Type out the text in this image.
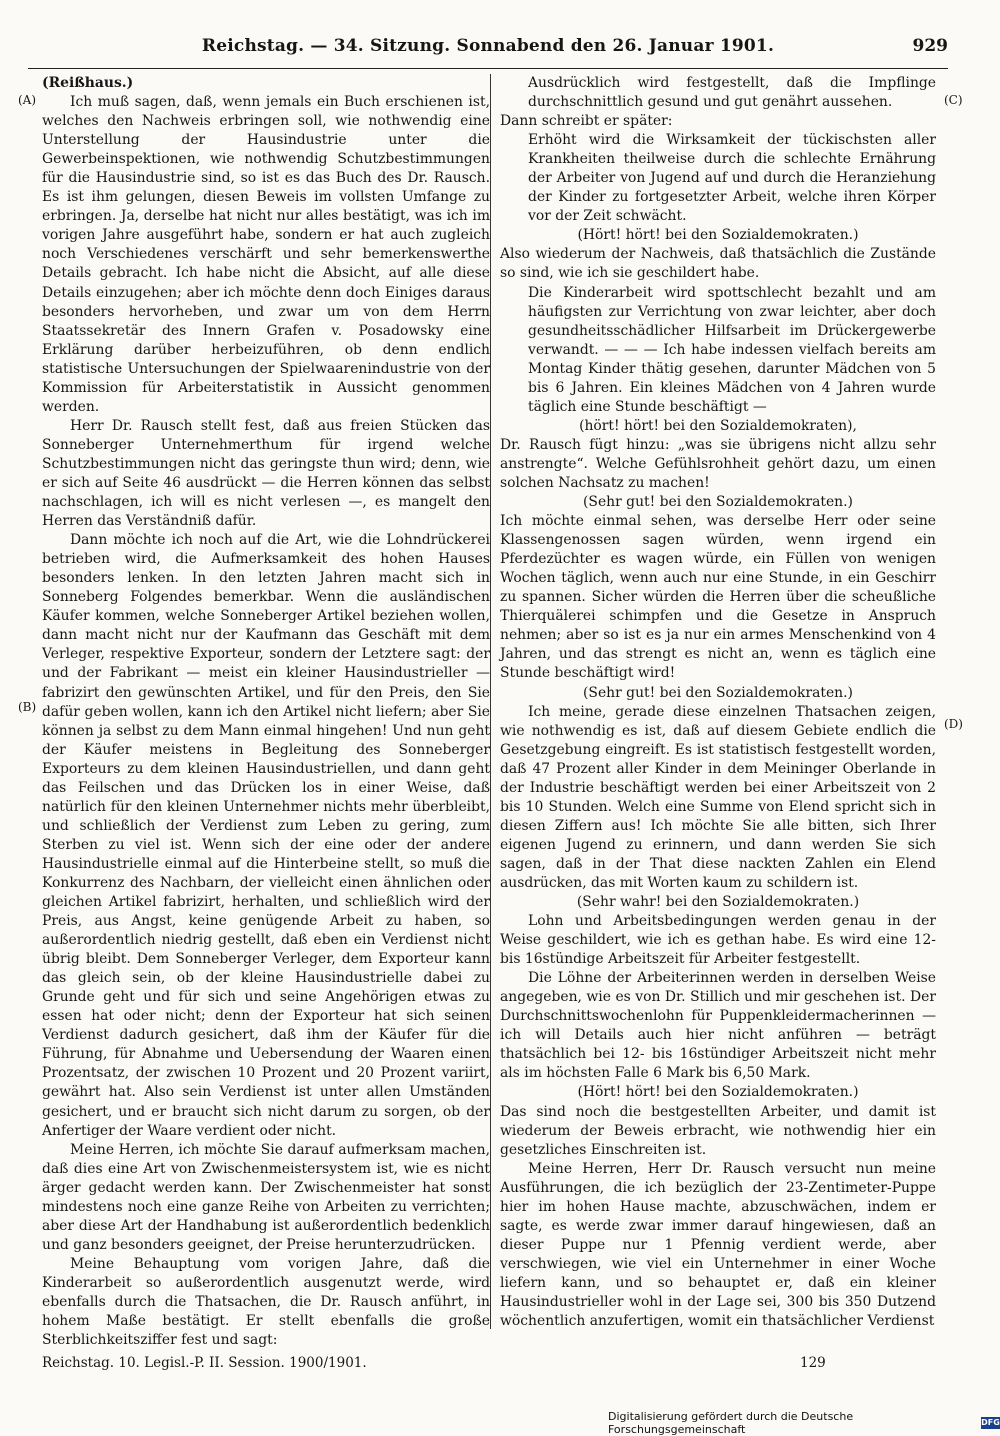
Reichstag. — 34. Sitzung. Sonnabend den 26. Januar 1901.	929
(A)
(B)
(C)
(D)

(Reißhaus.)

Ich muß sagen, daß, wenn jemals ein Buch erschienen ist, welches den Nachweis erbringen soll, wie nothwendig eine Unterstellung der Hausindustrie unter die Gewerbeinspektionen, wie nothwendig Schutzbestimmungen für die Hausindustrie sind, so ist es das Buch des Dr. Rausch. Es ist ihm gelungen, diesen Beweis im vollsten Umfange zu erbringen. Ja, derselbe hat nicht nur alles bestätigt, was ich im vorigen Jahre ausgeführt habe, sondern er hat auch zugleich noch Verschiedenes verschärft und sehr bemerkenswerthe Details gebracht. Ich habe nicht die Absicht, auf alle diese Details einzugehen; aber ich möchte denn doch Einiges daraus besonders hervorheben, und zwar um von dem Herrn Staatssekretär des Innern Grafen v. Posadowsky eine Erklärung darüber herbeizuführen, ob denn endlich statistische Untersuchungen der Spielwaarenindustrie von der Kommission für Arbeiterstatistik in Aussicht genommen werden.

Herr Dr. Rausch stellt fest, daß aus freien Stücken das Sonneberger Unternehmerthum für irgend welche Schutzbestimmungen nicht das geringste thun wird; denn, wie er sich auf Seite 46 ausdrückt — die Herren können das selbst nachschlagen, ich will es nicht verlesen —, es mangelt den Herren das Verständniß dafür.

Dann möchte ich noch auf die Art, wie die Lohndrückerei betrieben wird, die Aufmerksamkeit des hohen Hauses besonders lenken. In den letzten Jahren macht sich in Sonneberg Folgendes bemerkbar. Wenn die ausländischen Käufer kommen, welche Sonneberger Artikel beziehen wollen, dann macht nicht nur der Kaufmann das Geschäft mit dem Verleger, respektive Exporteur, sondern der Letztere sagt: der und der Fabrikant — meist ein kleiner Hausindustrieller — fabrizirt den gewünschten Artikel, und für den Preis, den Sie dafür geben wollen, kann ich den Artikel nicht liefern; aber Sie können ja selbst zu dem Mann einmal hingehen! Und nun geht der Käufer meistens in Begleitung des Sonneberger Exporteurs zu dem kleinen Hausindustriellen, und dann geht das Feilschen und das Drücken los in einer Weise, daß natürlich für den kleinen Unternehmer nichts mehr überbleibt, und schließlich der Verdienst zum Leben zu gering, zum Sterben zu viel ist. Wenn sich der eine oder der andere Hausindustrielle einmal auf die Hinterbeine stellt, so muß die Konkurrenz des Nachbarn, der vielleicht einen ähnlichen oder gleichen Artikel fabrizirt, herhalten, und schließlich wird der Preis, aus Angst, keine genügende Arbeit zu haben, so außerordentlich niedrig gestellt, daß eben ein Verdienst nicht übrig bleibt. Dem Sonneberger Verleger, dem Exporteur kann das gleich sein, ob der kleine Hausindustrielle dabei zu Grunde geht und für sich und seine Angehörigen etwas zu essen hat oder nicht; denn der Exporteur hat sich seinen Verdienst dadurch gesichert, daß ihm der Käufer für die Führung, für Abnahme und Uebersendung der Waaren einen Prozentsatz, der zwischen 10 Prozent und 20 Prozent variirt, gewährt hat. Also sein Verdienst ist unter allen Umständen gesichert, und er braucht sich nicht darum zu sorgen, ob der Anfertiger der Waare verdient oder nicht.

Meine Herren, ich möchte Sie darauf aufmerksam machen, daß dies eine Art von Zwischenmeistersystem ist, wie es nicht ärger gedacht werden kann. Der Zwischenmeister hat sonst mindestens noch eine ganze Reihe von Arbeiten zu verrichten; aber diese Art der Handhabung ist außerordentlich bedenklich und ganz besonders geeignet, der Preise herunterzudrücken.

Meine Behauptung vom vorigen Jahre, daß die Kinderarbeit so außerordentlich ausgenutzt werde, wird ebenfalls durch die Thatsachen, die Dr. Rausch anführt, in hohem Maße bestätigt. Er stellt ebenfalls die große Sterblichkeitsziffer fest und sagt:

Ausdrücklich wird festgestellt, daß die Impflinge durchschnittlich gesund und gut genährt aussehen.

Dann schreibt er später:

Erhöht wird die Wirksamkeit der tückischsten aller Krankheiten theilweise durch die schlechte Ernährung der Arbeiter von Jugend auf und durch die Heranziehung der Kinder zu fortgesetzter Arbeit, welche ihren Körper vor der Zeit schwächt.

(Hört! hört! bei den Sozialdemokraten.)

Also wiederum der Nachweis, daß thatsächlich die Zustände so sind, wie ich sie geschildert habe.

Die Kinderarbeit wird spottschlecht bezahlt und am häufigsten zur Verrichtung von zwar leichter, aber doch gesundheitsschädlicher Hilfsarbeit im Drückergewerbe verwandt. — — — Ich habe indessen vielfach bereits am Montag Kinder thätig gesehen, darunter Mädchen von 5 bis 6 Jahren. Ein kleines Mädchen von 4 Jahren wurde täglich eine Stunde beschäftigt —

(hört! hört! bei den Sozialdemokraten),

Dr. Rausch fügt hinzu: „was sie übrigens nicht allzu sehr anstrengte“. Welche Gefühlsrohheit gehört dazu, um einen solchen Nachsatz zu machen!

(Sehr gut! bei den Sozialdemokraten.)

Ich möchte einmal sehen, was derselbe Herr oder seine Klassengenossen sagen würden, wenn irgend ein Pferdezüchter es wagen würde, ein Füllen von wenigen Wochen täglich, wenn auch nur eine Stunde, in ein Geschirr zu spannen. Sicher würden die Herren über die scheußliche Thierquälerei schimpfen und die Gesetze in Anspruch nehmen; aber so ist es ja nur ein armes Menschenkind von 4 Jahren, und das strengt es nicht an, wenn es täglich eine Stunde beschäftigt wird!

(Sehr gut! bei den Sozialdemokraten.)

Ich meine, gerade diese einzelnen Thatsachen zeigen, wie nothwendig es ist, daß auf diesem Gebiete endlich die Gesetzgebung eingreift. Es ist statistisch festgestellt worden, daß 47 Prozent aller Kinder in dem Meininger Oberlande in der Industrie beschäftigt werden bei einer Arbeitszeit von 2 bis 10 Stunden. Welch eine Summe von Elend spricht sich in diesen Ziffern aus! Ich möchte Sie alle bitten, sich Ihrer eigenen Jugend zu erinnern, und dann werden Sie sich sagen, daß in der That diese nackten Zahlen ein Elend ausdrücken, das mit Worten kaum zu schildern ist.

(Sehr wahr! bei den Sozialdemokraten.)

Lohn und Arbeitsbedingungen werden genau in der Weise geschildert, wie ich es gethan habe. Es wird eine 12- bis 16stündige Arbeitszeit für Arbeiter festgestellt.

Die Löhne der Arbeiterinnen werden in derselben Weise angegeben, wie es von Dr. Stillich und mir geschehen ist. Der Durchschnittswochenlohn für Puppenkleidermacherinnen — ich will Details auch hier nicht anführen — beträgt thatsächlich bei 12- bis 16stündiger Arbeitszeit nicht mehr als im höchsten Falle 6 Mark bis 6,50 Mark.

(Hört! hört! bei den Sozialdemokraten.)

Das sind noch die bestgestellten Arbeiter, und damit ist wiederum der Beweis erbracht, wie nothwendig hier ein gesetzliches Einschreiten ist.

Meine Herren, Herr Dr. Rausch versucht nun meine Ausführungen, die ich bezüglich der 23-Zentimeter-Puppe hier im hohen Hause machte, abzuschwächen, indem er sagte, es werde zwar immer darauf hingewiesen, daß an dieser Puppe nur 1 Pfennig verdient werde, aber verschwiegen, wie viel ein Unternehmer in einer Woche liefern kann, und so behauptet er, daß ein kleiner Hausindustrieller wohl in der Lage sei, 300 bis 350 Dutzend wöchentlich anzufertigen, womit ein thatsächlicher Verdienst

Reichstag. 10. Legisl.-P. II. Session. 1900/1901.	129
Digitalisierung gefördert durch die Deutsche Forschungsgemeinschaft
DFG
